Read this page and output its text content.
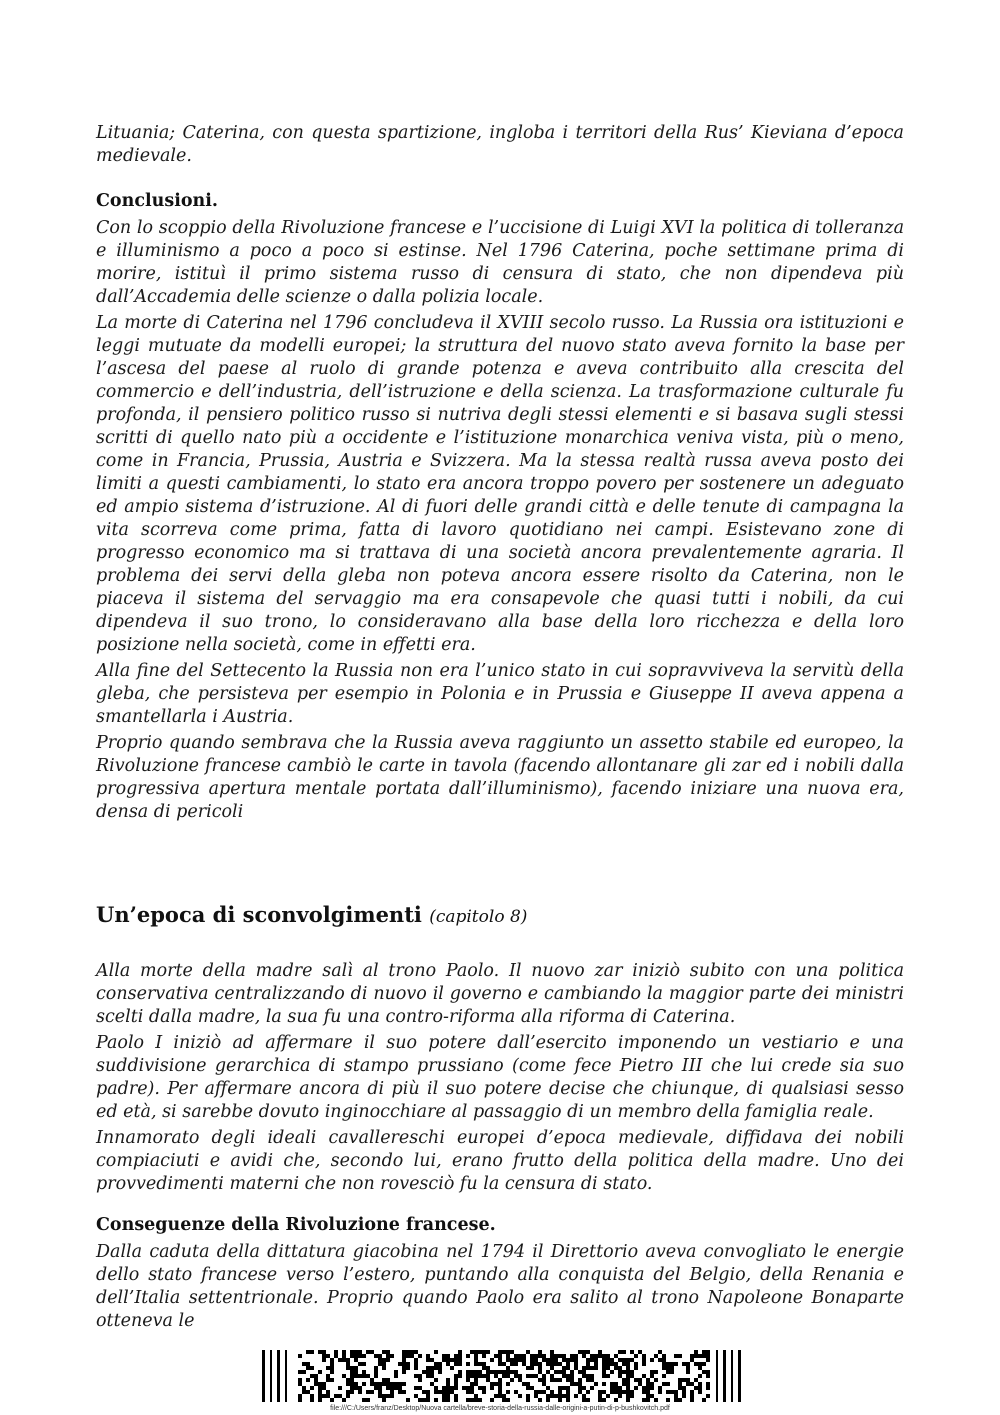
Lituania; Caterina, con questa spartizione, ingloba i territori della Rus’ Kieviana d’epoca medievale.

Conclusioni.

Con lo scoppio della Rivoluzione francese e l’uccisione di Luigi XVI la politica di tolleranza e illuminismo a poco a poco si estinse. Nel 1796 Caterina, poche settimane prima di morire, istituì il primo sistema russo di censura di stato, che non dipendeva più dall’Accademia delle scienze o dalla polizia locale.

La morte di Caterina nel 1796 concludeva il XVIII secolo russo. La Russia ora istituzioni e leggi mutuate da modelli europei; la struttura del nuovo stato aveva fornito la base per l’ascesa del paese al ruolo di grande potenza e aveva contribuito alla crescita del commercio e dell’industria, dell’istruzione e della scienza. La trasformazione culturale fu profonda, il pensiero politico russo si nutriva degli stessi elementi e si basava sugli stessi scritti di quello nato più a occidente e l’istituzione monarchica veniva vista, più o meno, come in Francia, Prussia, Austria e Svizzera. Ma la stessa realtà russa aveva posto dei limiti a questi cambiamenti, lo stato era ancora troppo povero per sostenere un adeguato ed ampio sistema d’istruzione. Al di fuori delle grandi città e delle tenute di campagna la vita scorreva come prima, fatta di lavoro quotidiano nei campi. Esistevano zone di progresso economico ma si trattava di una società ancora prevalentemente agraria. Il problema dei servi della gleba non poteva ancora essere risolto da Caterina, non le piaceva il sistema del servaggio ma era consapevole che quasi tutti i nobili, da cui dipendeva il suo trono, lo consideravano alla base della loro ricchezza e della loro posizione nella società, come in effetti era.

Alla fine del Settecento la Russia non era l’unico stato in cui sopravviveva la servitù della gleba, che persisteva per esempio in Polonia e in Prussia e Giuseppe II aveva appena a smantellarla i Austria.

Proprio quando sembrava che la Russia aveva raggiunto un assetto stabile ed europeo, la Rivoluzione francese cambiò le carte in tavola (facendo allontanare gli zar ed i nobili dalla progressiva apertura mentale portata dall’illuminismo), facendo iniziare una nuova era, densa di pericoli

Un’epoca di sconvolgimenti (capitolo 8)

Alla morte della madre salì al trono Paolo. Il nuovo zar iniziò subito con una politica conservativa centralizzando di nuovo il governo e cambiando la maggior parte dei ministri scelti dalla madre, la sua fu una contro-riforma alla riforma di Caterina.

Paolo I iniziò ad affermare il suo potere dall’esercito imponendo un vestiario e una suddivisione gerarchica di stampo prussiano (come fece Pietro III che lui crede sia suo padre). Per affermare ancora di più il suo potere decise che chiunque, di qualsiasi sesso ed età, si sarebbe dovuto inginocchiare al passaggio di un membro della famiglia reale.

Innamorato degli ideali cavallereschi europei d’epoca medievale, diffidava dei nobili compiaciuti e avidi che, secondo lui, erano frutto della politica della madre. Uno dei provvedimenti materni che non rovesciò fu la censura di stato.

Conseguenze della Rivoluzione francese.

Dalla caduta della dittatura giacobina nel 1794 il Direttorio aveva convogliato le energie dello stato francese verso l’estero, puntando alla conquista del Belgio, della Renania e dell’Italia settentrionale. Proprio quando Paolo era salito al trono Napoleone Bonaparte otteneva le

file:///C:/Users/franz/Desktop/Nuova cartella/breve-storia-della-russia-dalle-origini-a-putin-di-p-bushkovitch.pdf
